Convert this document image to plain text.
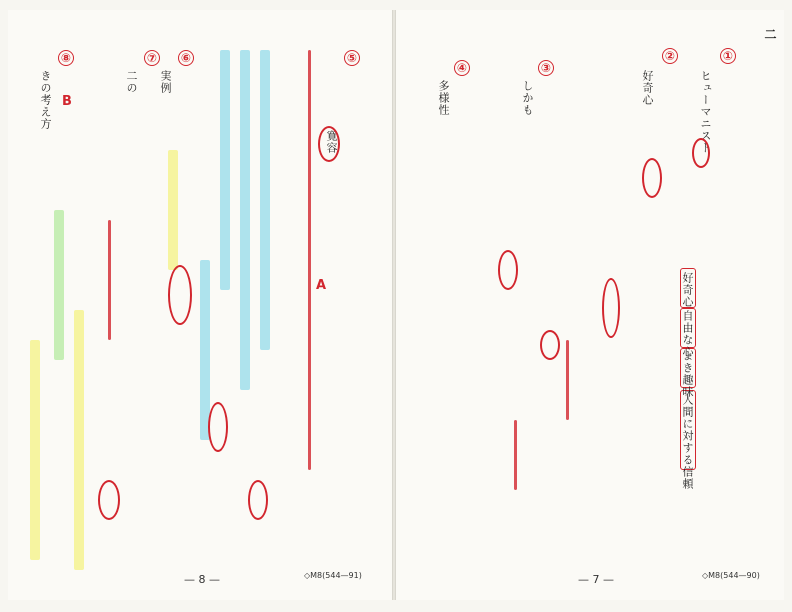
⑤
⑥
⑦
⑧
寛容
実例
二の
きの考え方
A
B
— 8 —	◇M8(544—91)
二
①
②
③
④
ヒューマニスト
好奇心
しかも
多様性
好奇心
自由な心
よき趣味
人間に対する信頼
— 7 —	◇M8(544—90)
